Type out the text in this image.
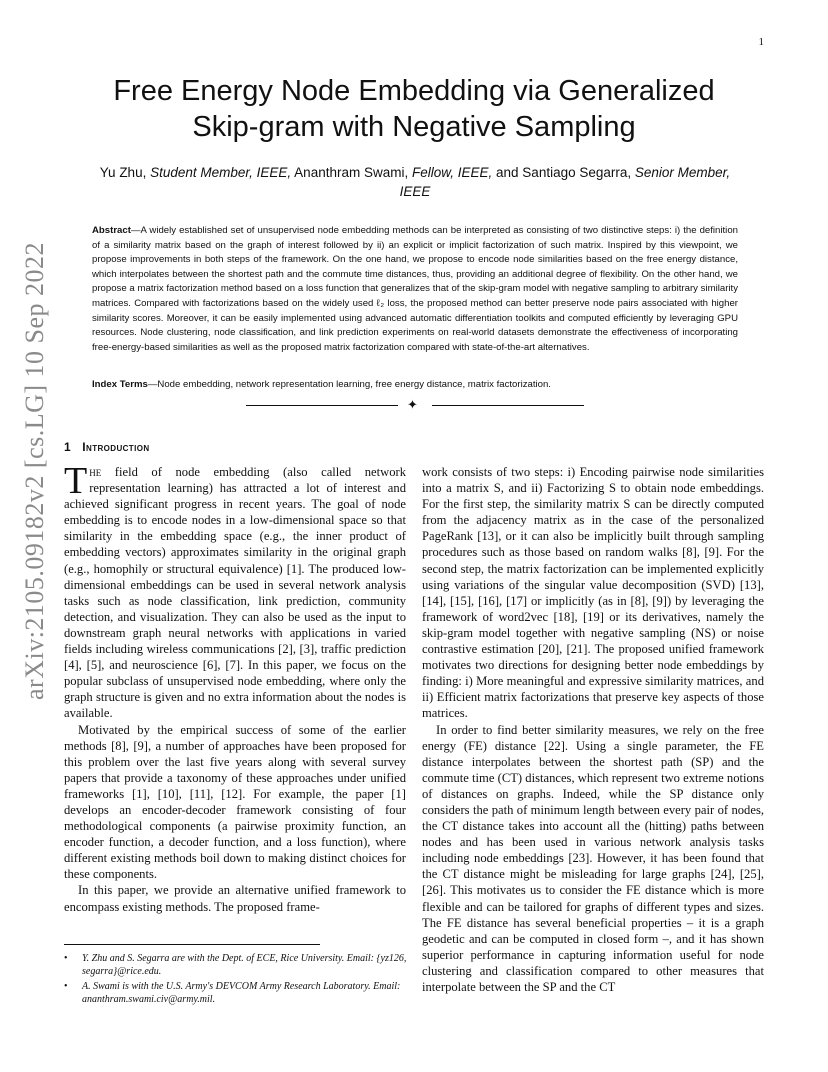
1
arXiv:2105.09182v2 [cs.LG] 10 Sep 2022
Free Energy Node Embedding via Generalized
Skip-gram with Negative Sampling
Yu Zhu, Student Member, IEEE, Ananthram Swami, Fellow, IEEE, and Santiago Segarra, Senior Member, IEEE
Abstract—A widely established set of unsupervised node embedding methods can be interpreted as consisting of two distinctive steps: i) the definition of a similarity matrix based on the graph of interest followed by ii) an explicit or implicit factorization of such matrix. Inspired by this viewpoint, we propose improvements in both steps of the framework. On the one hand, we propose to encode node similarities based on the free energy distance, which interpolates between the shortest path and the commute time distances, thus, providing an additional degree of flexibility. On the other hand, we propose a matrix factorization method based on a loss function that generalizes that of the skip-gram model with negative sampling to arbitrary similarity matrices. Compared with factorizations based on the widely used ℓ₂ loss, the proposed method can better preserve node pairs associated with higher similarity scores. Moreover, it can be easily implemented using advanced automatic differentiation toolkits and computed efficiently by leveraging GPU resources. Node clustering, node classification, and link prediction experiments on real-world datasets demonstrate the effectiveness of incorporating free-energy-based similarities as well as the proposed matrix factorization compared with state-of-the-art alternatives.
Index Terms—Node embedding, network representation learning, free energy distance, matrix factorization.
✦
1 Introduction

The field of node embedding (also called network representation learning) has attracted a lot of interest and achieved significant progress in recent years. The goal of node embedding is to encode nodes in a low-dimensional space so that similarity in the embedding space (e.g., the inner product of embedding vectors) approximates similarity in the original graph (e.g., homophily or structural equivalence) [1]. The produced low-dimensional embeddings can be used in several network analysis tasks such as node classification, link prediction, community detection, and visualization. They can also be used as the input to downstream graph neural networks with applications in varied fields including wireless communications [2], [3], traffic prediction [4], [5], and neuroscience [6], [7]. In this paper, we focus on the popular subclass of unsupervised node embedding, where only the graph structure is given and no extra information about the nodes is available.

Motivated by the empirical success of some of the earlier methods [8], [9], a number of approaches have been proposed for this problem over the last five years along with several survey papers that provide a taxonomy of these approaches under unified frameworks [1], [10], [11], [12]. For example, the paper [1] develops an encoder-decoder framework consisting of four methodological components (a pairwise proximity function, an encoder function, a decoder function, and a loss function), where different existing methods boil down to making distinct choices for these components.

In this paper, we provide an alternative unified framework to encompass existing methods. The proposed frame-

work consists of two steps: i) Encoding pairwise node similarities into a matrix S, and ii) Factorizing S to obtain node embeddings. For the first step, the similarity matrix S can be directly computed from the adjacency matrix as in the case of the personalized PageRank [13], or it can also be implicitly built through sampling procedures such as those based on random walks [8], [9]. For the second step, the matrix factorization can be implemented explicitly using variations of the singular value decomposition (SVD) [13], [14], [15], [16], [17] or implicitly (as in [8], [9]) by leveraging the framework of word2vec [18], [19] or its derivatives, namely the skip-gram model together with negative sampling (NS) or noise contrastive estimation [20], [21]. The proposed unified framework motivates two directions for designing better node embeddings by finding: i) More meaningful and expressive similarity matrices, and ii) Efficient matrix factorizations that preserve key aspects of those matrices.

In order to find better similarity measures, we rely on the free energy (FE) distance [22]. Using a single parameter, the FE distance interpolates between the shortest path (SP) and the commute time (CT) distances, which represent two extreme notions of distances on graphs. Indeed, while the SP distance only considers the path of minimum length between every pair of nodes, the CT distance takes into account all the (hitting) paths between nodes and has been used in various network analysis tasks including node embeddings [23]. However, it has been found that the CT distance might be misleading for large graphs [24], [25], [26]. This motivates us to consider the FE distance which is more flexible and can be tailored for graphs of different types and sizes. The FE distance has several beneficial properties – it is a graph geodetic and can be computed in closed form –, and it has shown superior performance in capturing information useful for node clustering and classification compared to other measures that interpolate between the SP and the CT

• Y. Zhu and S. Segarra are with the Dept. of ECE, Rice University. Email: {yz126, segarra}@rice.edu.
• A. Swami is with the U.S. Army's DEVCOM Army Research Laboratory. Email: ananthram.swami.civ@army.mil.
